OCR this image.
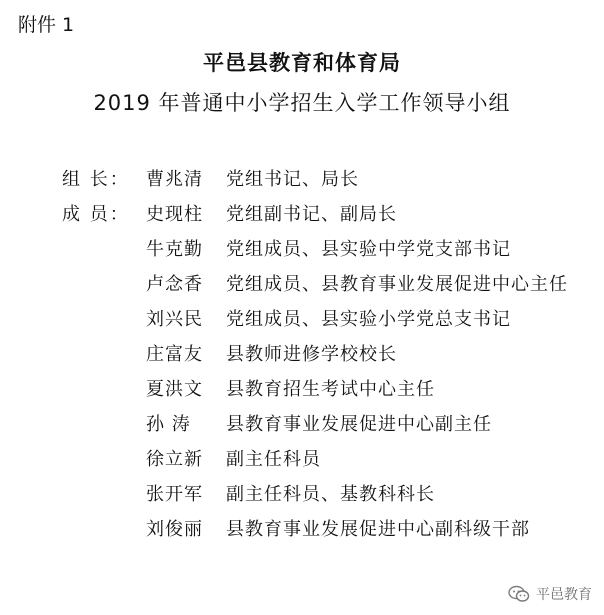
附件 1
平邑县教育和体育局
2019 年普通中小学招生入学工作领导小组
组 长： 曹兆清 党组书记、局长
成 员： 史现柱 党组副书记、副局长
牛克勤 党组成员、县实验中学党支部书记
卢念香 党组成员、县教育事业发展促进中心主任
刘兴民 党组成员、县实验小学党总支书记
庄富友 县教师进修学校校长
夏洪文 县教育招生考试中心主任
孙 涛 县教育事业发展促进中心副主任
徐立新 副主任科员
张开军 副主任科员、基教科科长
刘俊丽 县教育事业发展促进中心副科级干部
平邑教育
